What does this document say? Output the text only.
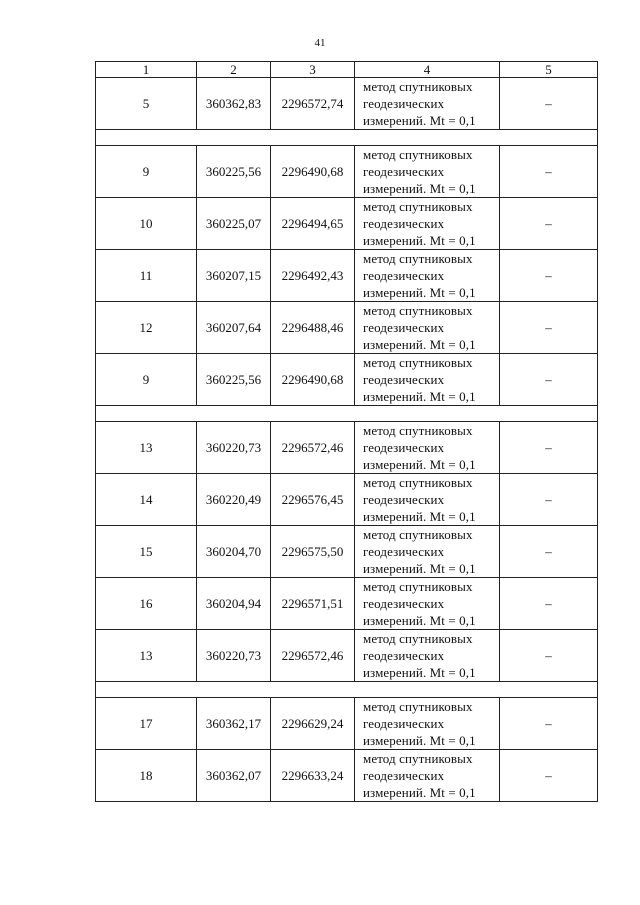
41
1	2	3	4	5
5	360362,83	2296572,74	метод спутниковых
геодезических
измерений. Mt = 0,1	–

9	360225,56	2296490,68	метод спутниковых
геодезических
измерений. Mt = 0,1	–
10	360225,07	2296494,65	метод спутниковых
геодезических
измерений. Mt = 0,1	–
11	360207,15	2296492,43	метод спутниковых
геодезических
измерений. Mt = 0,1	–
12	360207,64	2296488,46	метод спутниковых
геодезических
измерений. Mt = 0,1	–
9	360225,56	2296490,68	метод спутниковых
геодезических
измерений. Mt = 0,1	–

13	360220,73	2296572,46	метод спутниковых
геодезических
измерений. Mt = 0,1	–
14	360220,49	2296576,45	метод спутниковых
геодезических
измерений. Mt = 0,1	–
15	360204,70	2296575,50	метод спутниковых
геодезических
измерений. Mt = 0,1	–
16	360204,94	2296571,51	метод спутниковых
геодезических
измерений. Mt = 0,1	–
13	360220,73	2296572,46	метод спутниковых
геодезических
измерений. Mt = 0,1	–

17	360362,17	2296629,24	метод спутниковых
геодезических
измерений. Mt = 0,1	–
18	360362,07	2296633,24	метод спутниковых
геодезических
измерений. Mt = 0,1	–
